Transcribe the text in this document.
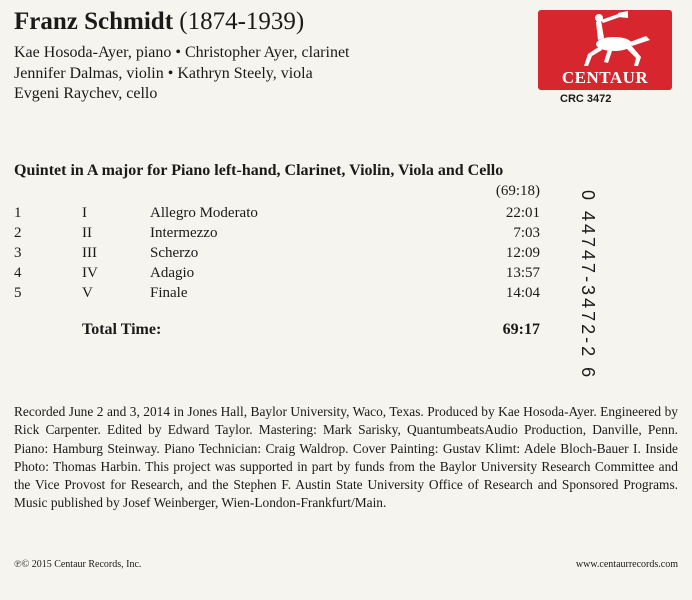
Franz Schmidt (1874-1939)
Kae Hosoda-Ayer, piano • Christopher Ayer, clarinet
Jennifer Dalmas, violin • Kathryn Steely, viola
Evgeni Raychev, cello
CENTAUR
CRC 3472
Quintet in A major for Piano left-hand, Clarinet, Violin, Viola and Cello
(69:18)
1	I	Allegro Moderato	22:01
2	II	Intermezzo	7:03
3	III	Scherzo	12:09
4	IV	Adagio	13:57
5	V	Finale	14:04
Total Time:	69:17	0 44747-3472-2 6
Recorded June 2 and 3, 2014 in Jones Hall, Baylor University, Waco, Texas. Produced by Kae Hosoda-Ayer. Engineered by Rick Carpenter. Edited by Edward Taylor. Mastering: Mark Sarisky, QuantumbeatsAudio Production, Danville, Penn. Piano: Hamburg Steinway. Piano Technician: Craig Waldrop. Cover Painting: Gustav Klimt: Adele Bloch-Bauer I. Inside Photo: Thomas Harbin. This project was supported in part by funds from the Baylor University Research Committee and the Vice Provost for Research, and the Stephen F. Austin State University Office of Research and Sponsored Programs. Music published by Josef Weinberger, Wien-London-Frankfurt/Main.
℗© 2015 Centaur Records, Inc.	www.centaurrecords.com
